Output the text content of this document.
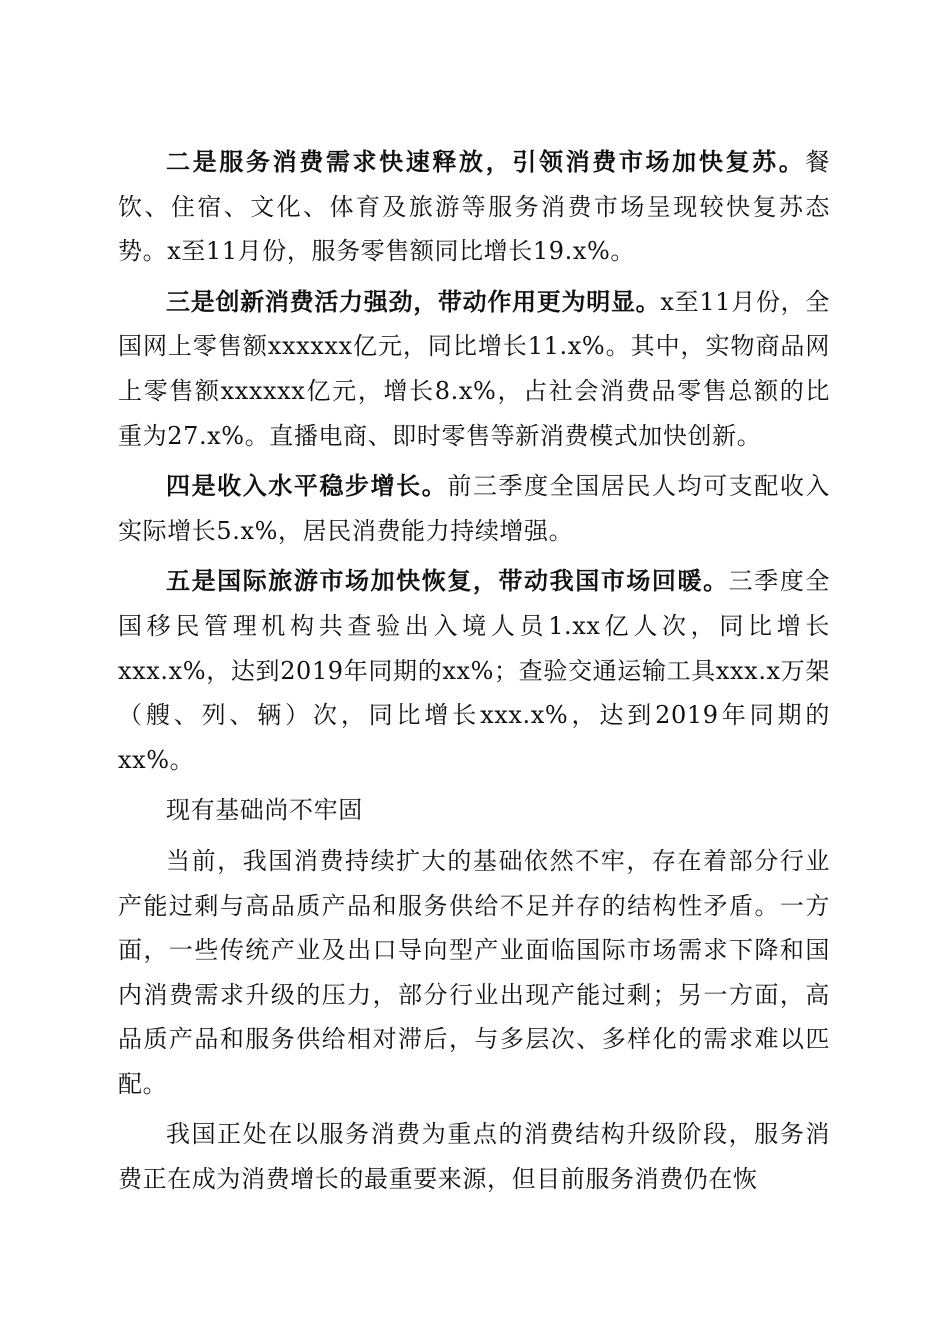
二是服务消费需求快速释放，引领消费市场加快复苏。餐饮、住宿、文化、体育及旅游等服务消费市场呈现较快复苏态势。x至11月份，服务零售额同比增长19.x%。

三是创新消费活力强劲，带动作用更为明显。x至11月份，全国网上零售额xxxxxx亿元，同比增长11.x%。其中，实物商品网上零售额xxxxxx亿元，增长8.x%，占社会消费品零售总额的比重为27.x%。直播电商、即时零售等新消费模式加快创新。

四是收入水平稳步增长。前三季度全国居民人均可支配收入实际增长5.x%，居民消费能力持续增强。

五是国际旅游市场加快恢复，带动我国市场回暖。三季度全国移民管理机构共查验出入境人员1.xx亿人次，同比增长xxx.x%，达到2019年同期的xx%；查验交通运输工具xxx.x万架（艘、列、辆）次，同比增长xxx.x%，达到2019年同期的xx%。

现有基础尚不牢固

当前，我国消费持续扩大的基础依然不牢，存在着部分行业产能过剩与高品质产品和服务供给不足并存的结构性矛盾。一方面，一些传统产业及出口导向型产业面临国际市场需求下降和国内消费需求升级的压力，部分行业出现产能过剩；另一方面，高品质产品和服务供给相对滞后，与多层次、多样化的需求难以匹配。

我国正处在以服务消费为重点的消费结构升级阶段，服务消费正在成为消费增长的最重要来源，但目前服务消费仍在恢
